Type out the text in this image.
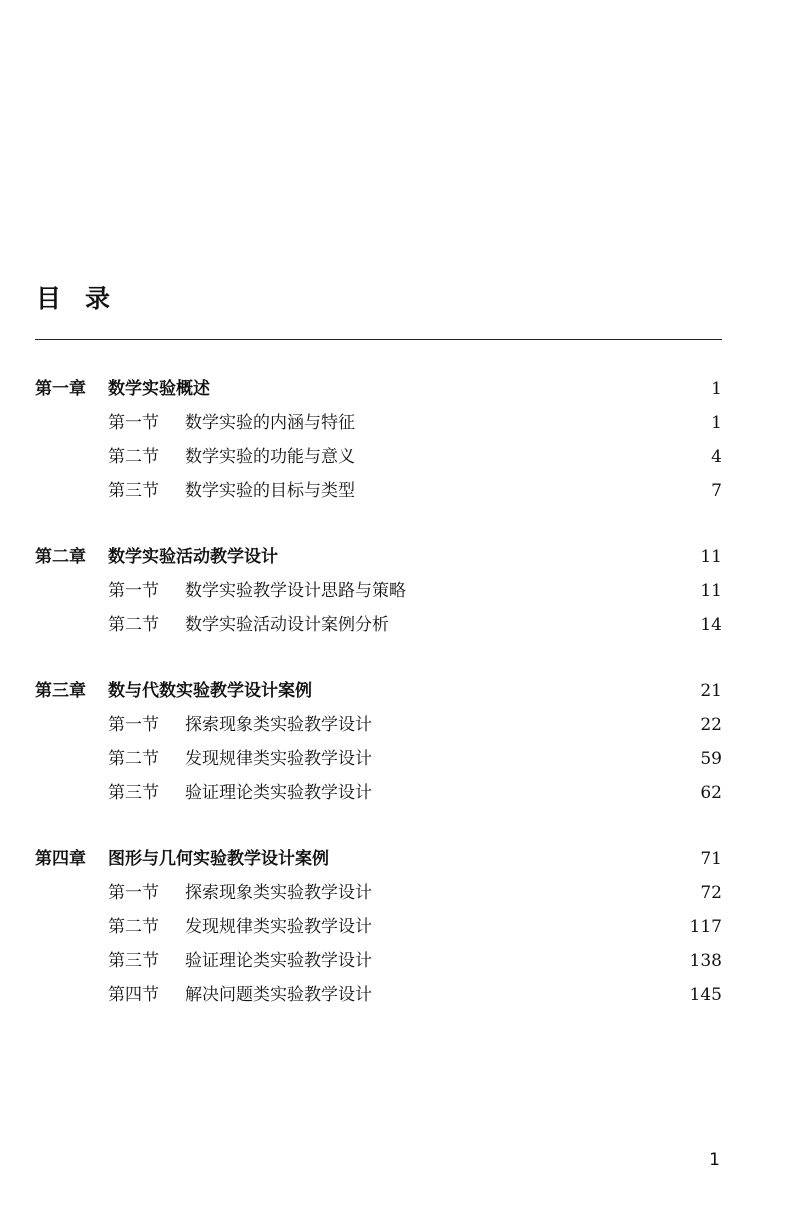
目录
第一章 数学实验概述	1
第一节 数学实验的内涵与特征	1
第二节 数学实验的功能与意义	4
第三节 数学实验的目标与类型	7
第二章 数学实验活动教学设计	11
第一节 数学实验教学设计思路与策略	11
第二节 数学实验活动设计案例分析	14
第三章 数与代数实验教学设计案例	21
第一节 探索现象类实验教学设计	22
第二节 发现规律类实验教学设计	59
第三节 验证理论类实验教学设计	62
第四章 图形与几何实验教学设计案例	71
第一节 探索现象类实验教学设计	72
第二节 发现规律类实验教学设计	117
第三节 验证理论类实验教学设计	138
第四节 解决问题类实验教学设计	145
1
